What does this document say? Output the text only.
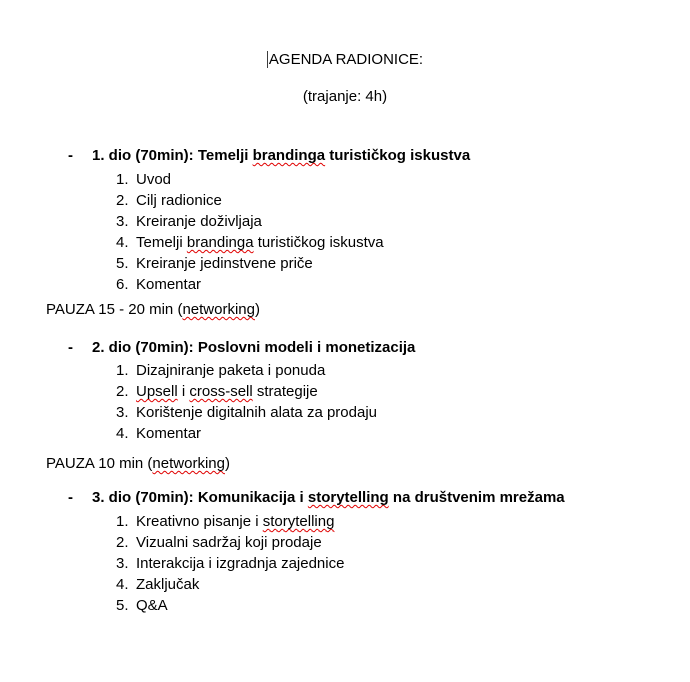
AGENDA RADIONICE:
(trajanje: 4h)
-	1. dio (70min): Temelji brandinga turističkog iskustva
1. Uvod
2. Cilj radionice
3. Kreiranje doživljaja
4. Temelji brandinga turističkog iskustva
5. Kreiranje jedinstvene priče
6. Komentar
PAUZA 15 - 20 min (networking)
-	2. dio (70min): Poslovni modeli i monetizacija
1. Dizajniranje paketa i ponuda
2. Upsell i cross-sell strategije
3. Korištenje digitalnih alata za prodaju
4. Komentar
PAUZA 10 min (networking)
-	3. dio (70min): Komunikacija i storytelling na društvenim mrežama
1. Kreativno pisanje i storytelling
2. Vizualni sadržaj koji prodaje
3. Interakcija i izgradnja zajednice
4. Zaključak
5. Q&A
